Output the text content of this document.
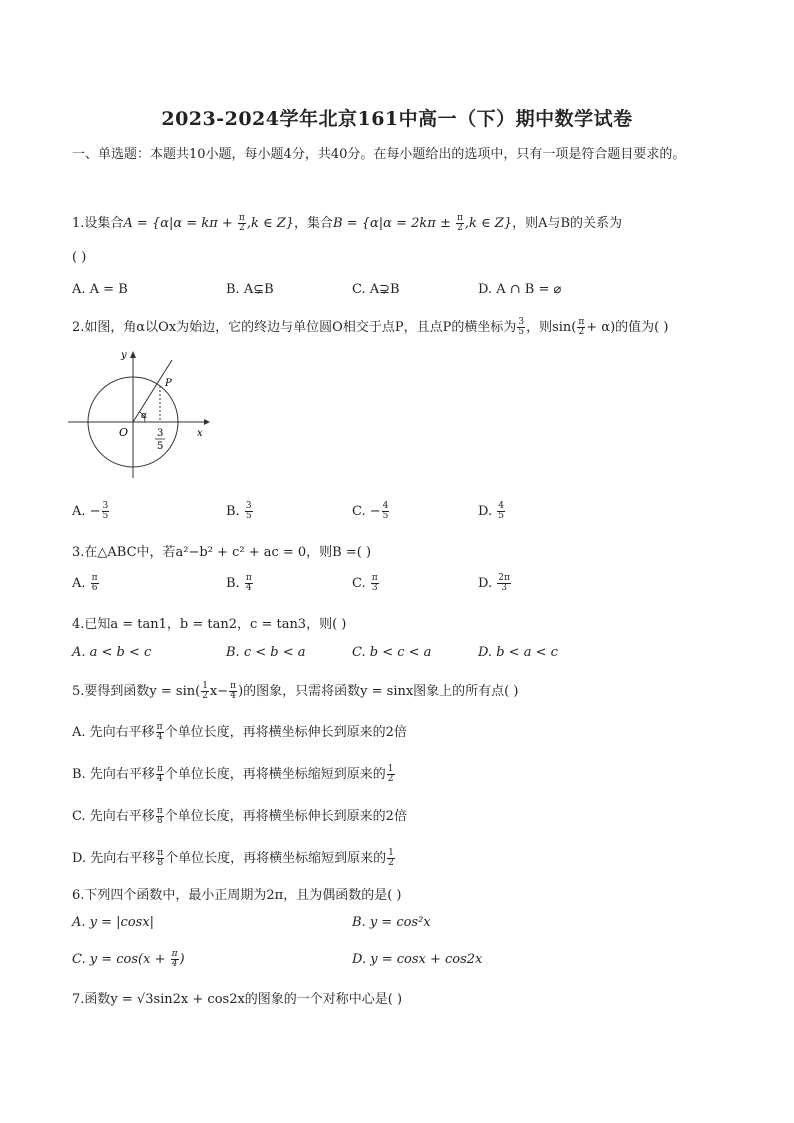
2023-2024学年北京161中高一（下）期中数学试卷
一、单选题：本题共10小题，每小题4分，共40分。在每小题给出的选项中，只有一项是符合题目要求的。
1.设集合$A = \{\alpha|\alpha = k\pi + \frac{\pi}{2} ,k$ ∈ Z}，集合$B = \{\alpha|\alpha = 2k\pi \pm \frac{\pi}{2} ,k$ ∈ Z}，则A与B的关系为
( )
A. A = B	B. A⊊B	C. A⊋B	D. A ∩ B = ⌀
2.如图，角α以Ox为始边，它的终边与单位圆O相交于点P，且点P的横坐标为 $\frac{3}{5}$ ，则$\sin( \frac{\pi}{2} + \alpha)$的值为( )
y
x
O
P
α
3
5
A. − $\frac{3}{5}$	B. $\frac{3}{5}$	C. − $\frac{4}{5}$	D. $\frac{4}{5}$
3.在△ABC中，若a²−b² + c² + ac = 0，则B =( )
A. $\frac{\pi}{6}$	B. $\frac{\pi}{4}$	C. $\frac{\pi}{3}$	D. $\frac{2\pi}{3}$
4.已知a = tan1，b = tan2，c = tan3，则( )
A. a < b < c	B. c < b < a	C. b < c < a	D. b < a < c
5.要得到函数$y = \sin( \frac{1}{2} x- \frac{\pi}{4}$ )的图象，只需将函数y = sinx图象上的所有点( )
A. 先向右平移 $\frac{\pi}{4}$ 个单位长度，再将横坐标伸长到原来的2倍
B. 先向右平移 $\frac{\pi}{4}$ 个单位长度，再将横坐标缩短到原来的 $\frac{1}{2}$
C. 先向右平移 $\frac{\pi}{8}$ 个单位长度，再将横坐标伸长到原来的2倍
D. 先向右平移 $\frac{\pi}{8}$ 个单位长度，再将横坐标缩短到原来的 $\frac{1}{2}$
6.下列四个函数中，最小正周期为2π，且为偶函数的是( )
A. y = |cosx|	B. y = cos²x
C. $y = \cos(x + \frac{\pi}{4}$ )	D. y = cosx + cos2x
7.函数y = √3sin2x + cos2x的图象的一个对称中心是( )
